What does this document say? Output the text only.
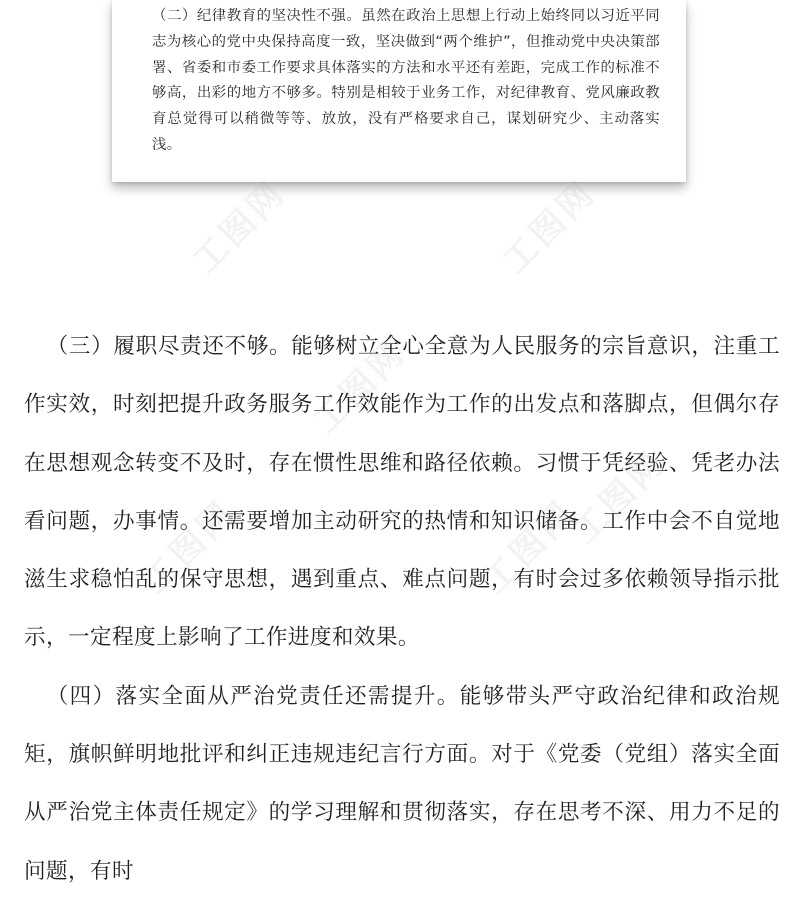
（二）纪律教育的坚决性不强。虽然在政治上思想上行动上始终同以习近平同志为核心的党中央保持高度一致，坚决做到“两个维护”，但推动党中央决策部署、省委和市委工作要求具体落实的方法和水平还有差距，完成工作的标准不够高，出彩的地方不够多。特别是相较于业务工作，对纪律教育、党风廉政教育总觉得可以稍微等等、放放，没有严格要求自己，谋划研究少、主动落实浅。

工图网	工图网
工图网
工图网
工图网	工图网

（三）履职尽责还不够。能够树立全心全意为人民服务的宗旨意识，注重工作实效，时刻把提升政务服务工作效能作为工作的出发点和落脚点，但偶尔存在思想观念转变不及时，存在惯性思维和路径依赖。习惯于凭经验、凭老办法看问题，办事情。还需要增加主动研究的热情和知识储备。工作中会不自觉地滋生求稳怕乱的保守思想，遇到重点、难点问题，有时会过多依赖领导指示批示，一定程度上影响了工作进度和效果。

（四）落实全面从严治党责任还需提升。能够带头严守政治纪律和政治规矩，旗帜鲜明地批评和纠正违规违纪言行方面。对于《党委（党组）落实全面从严治党主体责任规定》的学习理解和贯彻落实，存在思考不深、用力不足的问题，有时
